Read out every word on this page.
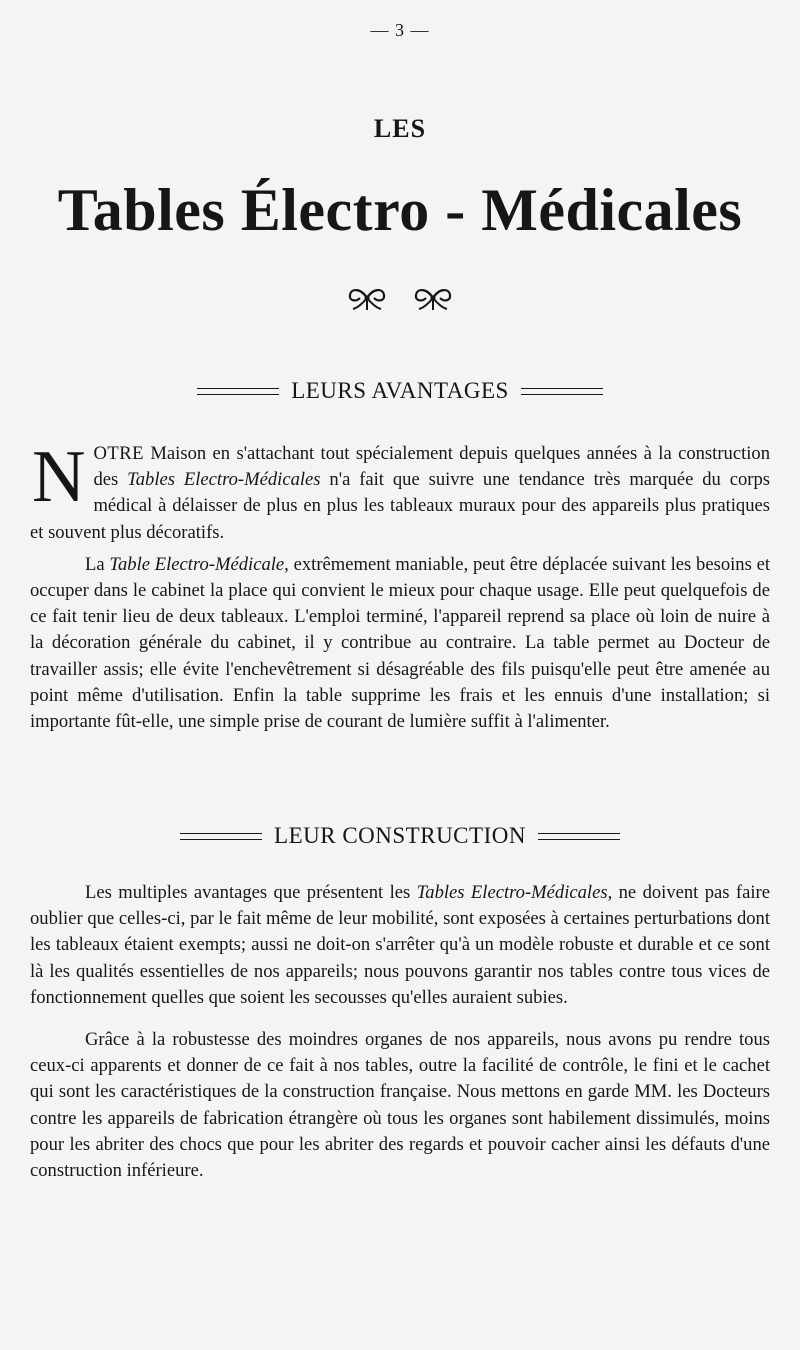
— 3 —
LES
Tables Électro - Médicales
LEURS AVANTAGES

NOTRE Maison en s'attachant tout spécialement depuis quelques années à la construction des Tables Electro-Médicales n'a fait que suivre une tendance très marquée du corps médical à délaisser de plus en plus les tableaux muraux pour des appareils plus pratiques et souvent plus décoratifs.

La Table Electro-Médicale, extrêmement maniable, peut être déplacée suivant les besoins et occuper dans le cabinet la place qui convient le mieux pour chaque usage. Elle peut quelquefois de ce fait tenir lieu de deux tableaux. L'emploi terminé, l'appareil reprend sa place où loin de nuire à la décoration générale du cabinet, il y contribue au contraire. La table permet au Docteur de travailler assis; elle évite l'enchevêtrement si désagréable des fils puisqu'elle peut être amenée au point même d'utilisation. Enfin la table supprime les frais et les ennuis d'une installation; si importante fût-elle, une simple prise de courant de lumière suffit à l'alimenter.

LEUR CONSTRUCTION

Les multiples avantages que présentent les Tables Electro-Médicales, ne doivent pas faire oublier que celles-ci, par le fait même de leur mobilité, sont exposées à certaines perturbations dont les tableaux étaient exempts; aussi ne doit-on s'arrêter qu'à un modèle robuste et durable et ce sont là les qualités essentielles de nos appareils; nous pouvons garantir nos tables contre tous vices de fonctionnement quelles que soient les secousses qu'elles auraient subies.

Grâce à la robustesse des moindres organes de nos appareils, nous avons pu rendre tous ceux-ci apparents et donner de ce fait à nos tables, outre la facilité de contrôle, le fini et le cachet qui sont les caractéristiques de la construction française. Nous mettons en garde MM. les Docteurs contre les appareils de fabrication étrangère où tous les organes sont habilement dissimulés, moins pour les abriter des chocs que pour les abriter des regards et pouvoir cacher ainsi les défauts d'une construction inférieure.
